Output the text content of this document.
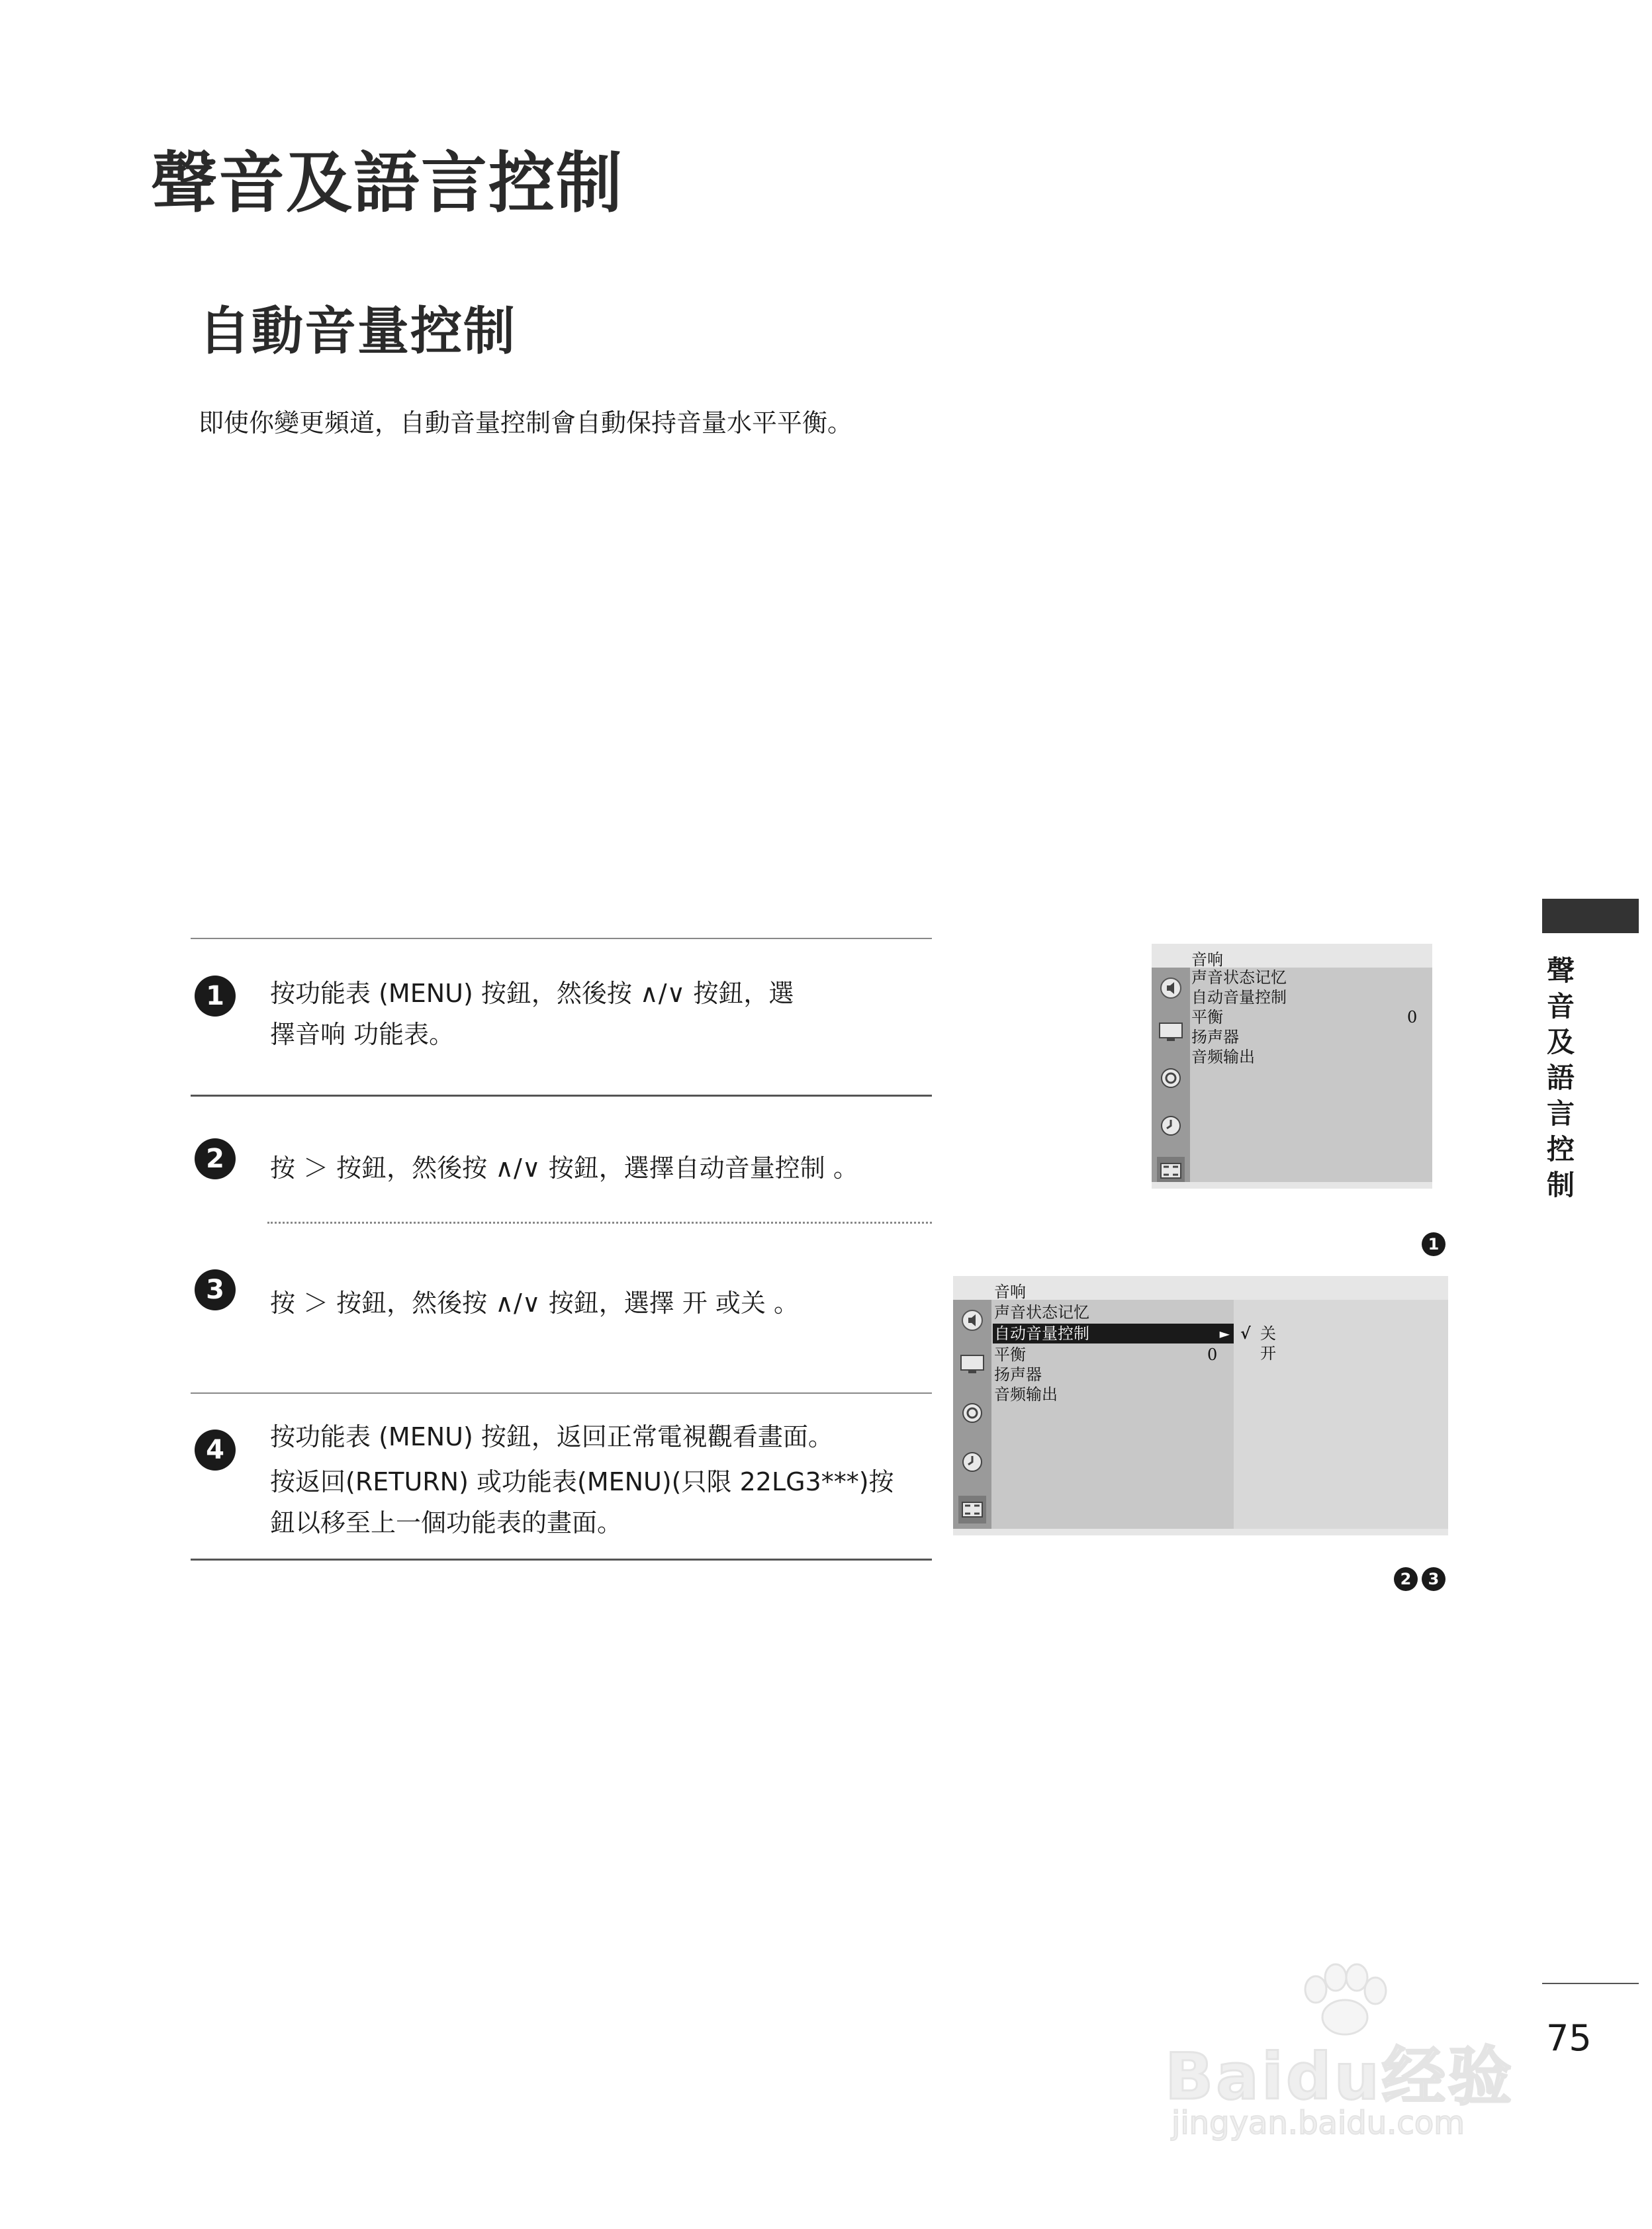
聲音及語言控制
自動音量控制
即使你變更頻道，自動音量控制會自動保持音量水平平衡。
1	按功能表 (MENU) 按鈕，然後按 ∧/∨ 按鈕，選
擇音响 功能表。
2	按 ＞ 按鈕，然後按 ∧/∨ 按鈕，選擇自动音量控制 。
3	按 ＞ 按鈕，然後按 ∧/∨ 按鈕，選擇 开 或关 。
4	按功能表 (MENU) 按鈕，返回正常電視觀看畫面。
按返回(RETURN) 或功能表(MENU)(只限 22LG3***)按
鈕以移至上一個功能表的畫面。
音响
声音状态记忆
自动音量控制
平衡	0
扬声器
音频输出
1
音响
声音状态记忆
自动音量控制	►
平衡	0
扬声器
音频输出
√ 关
开
2 3
聲音及語言控制
75
Baidu经验
jingyan.baidu.com
